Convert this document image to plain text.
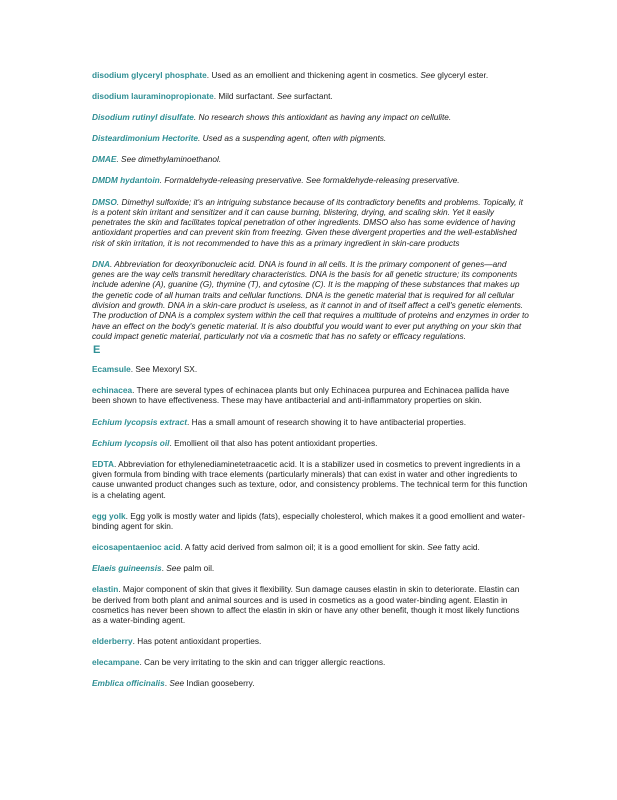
disodium glyceryl phosphate. Used as an emollient and thickening agent in cosmetics. See glyceryl ester.

disodium lauraminopropionate. Mild surfactant. See surfactant.

Disodium rutinyl disulfate. No research shows this antioxidant as having any impact on cellulite.

Disteardimonium Hectorite. Used as a suspending agent, often with pigments.

DMAE. See dimethylaminoethanol.

DMDM hydantoin. Formaldehyde-releasing preservative. See formaldehyde-releasing preservative.

DMSO. Dimethyl sulfoxide; it's an intriguing substance because of its contradictory benefits and problems. Topically, it is a potent skin irritant and sensitizer and it can cause burning, blistering, drying, and scaling skin. Yet it easily penetrates the skin and facilitates topical penetration of other ingredients. DMSO also has some evidence of having antioxidant properties and can prevent skin from freezing. Given these divergent properties and the well-established risk of skin irritation, it is not recommended to have this as a primary ingredient in skin-care products

DNA. Abbreviation for deoxyribonucleic acid. DNA is found in all cells. It is the primary component of genes—and genes are the way cells transmit hereditary characteristics. DNA is the basis for all genetic structure; its components include adenine (A), guanine (G), thymine (T), and cytosine (C). It is the mapping of these substances that makes up the genetic code of all human traits and cellular functions. DNA is the genetic material that is required for all cellular division and growth. DNA in a skin-care product is useless, as it cannot in and of itself affect a cell's genetic elements. The production of DNA is a complex system within the cell that requires a multitude of proteins and enzymes in order to have an effect on the body's genetic material. It is also doubtful you would want to ever put anything on your skin that could impact genetic material, particularly not via a cosmetic that has no safety or efficacy regulations.

E

Ecamsule. See Mexoryl SX.

echinacea. There are several types of echinacea plants but only Echinacea purpurea and Echinacea pallida have been shown to have effectiveness. These may have antibacterial and anti-inflammatory properties on skin.

Echium lycopsis extract. Has a small amount of research showing it to have antibacterial properties.

Echium lycopsis oil. Emollient oil that also has potent antioxidant properties.

EDTA. Abbreviation for ethylenediaminetetraacetic acid. It is a stabilizer used in cosmetics to prevent ingredients in a given formula from binding with trace elements (particularly minerals) that can exist in water and other ingredients to cause unwanted product changes such as texture, odor, and consistency problems. The technical term for this function is a chelating agent.

egg yolk. Egg yolk is mostly water and lipids (fats), especially cholesterol, which makes it a good emollient and water-binding agent for skin.

eicosapentaenioc acid. A fatty acid derived from salmon oil; it is a good emollient for skin. See fatty acid.

Elaeis guineensis. See palm oil.

elastin. Major component of skin that gives it flexibility. Sun damage causes elastin in skin to deteriorate. Elastin can be derived from both plant and animal sources and is used in cosmetics as a good water-binding agent. Elastin in cosmetics has never been shown to affect the elastin in skin or have any other benefit, though it most likely functions as a water-binding agent.

elderberry. Has potent antioxidant properties.

elecampane. Can be very irritating to the skin and can trigger allergic reactions.

Emblica officinalis. See Indian gooseberry.
